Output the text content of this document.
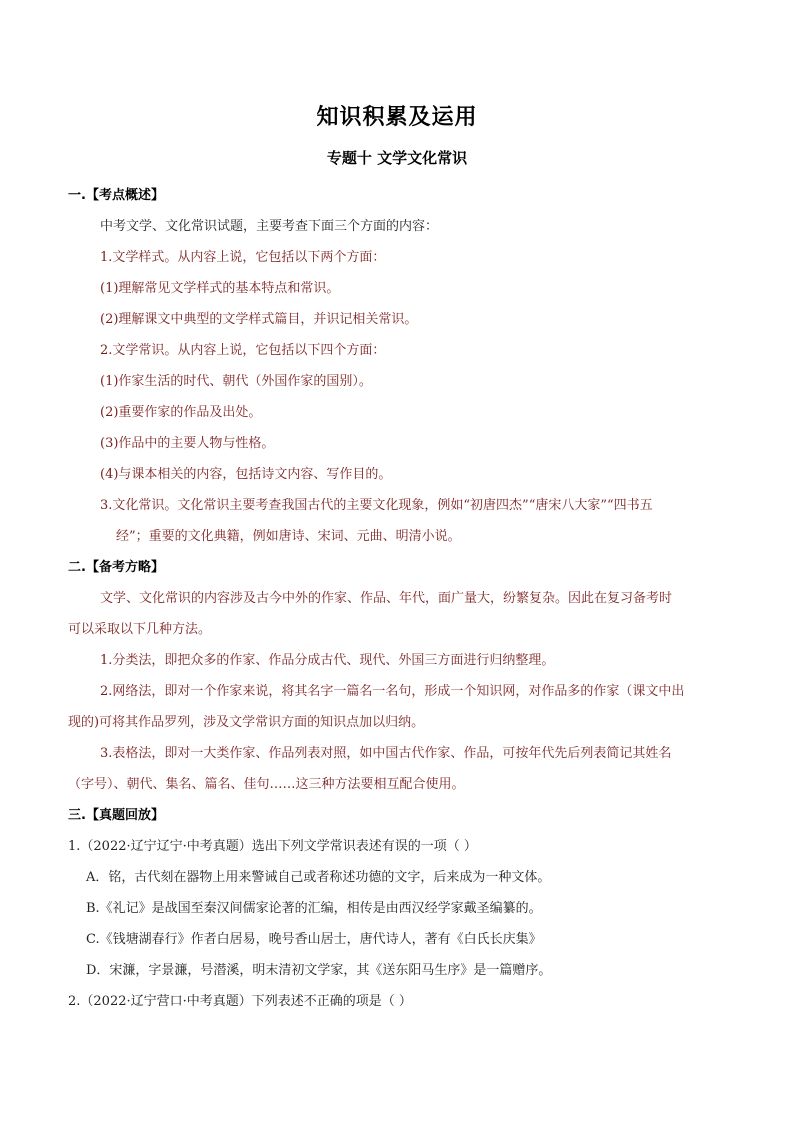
知识积累及运用
专题十 文学文化常识
一.【考点概述】
中考文学、文化常识试题，主要考查下面三个方面的内容：
1.文学样式。从内容上说，它包括以下两个方面：
(1)理解常见文学样式的基本特点和常识。
(2)理解课文中典型的文学样式篇目，并识记相关常识。
2.文学常识。从内容上说，它包括以下四个方面：
(1)作家生活的时代、朝代（外国作家的国别）。
(2)重要作家的作品及出处。
(3)作品中的主要人物与性格。
(4)与课本相关的内容，包括诗文内容、写作目的。
3.文化常识。文化常识主要考查我国古代的主要文化现象，例如“初唐四杰”“唐宋八大家”“四书五
经”；重要的文化典籍，例如唐诗、宋词、元曲、明清小说。
二.【备考方略】
文学、文化常识的内容涉及古今中外的作家、作品、年代，面广量大，纷繁复杂。因此在复习备考时
可以采取以下几种方法。
1.分类法，即把众多的作家、作品分成古代、现代、外国三方面进行归纳整理。
2.网络法，即对一个作家来说，将其名字一篇名一名句，形成一个知识网，对作品多的作家（课文中出
现的)可将其作品罗列，涉及文学常识方面的知识点加以归纳。
3.表格法，即对一大类作家、作品列表对照，如中国古代作家、作品，可按年代先后列表简记其姓名
（字号）、朝代、集名、篇名、佳句……这三种方法要相互配合使用。
三.【真题回放】
1.（2022·辽宁辽宁·中考真题）选出下列文学常识表述有误的一项（ ）
A．铭，古代刻在器物上用来警诫自己或者称述功德的文字，后来成为一种文体。
B.《礼记》是战国至秦汉间儒家论著的汇编，相传是由西汉经学家戴圣编纂的。
C.《钱塘湖春行》作者白居易，晚号香山居士，唐代诗人，著有《白氏长庆集》
D．宋濂，字景濂，号潜溪，明末清初文学家，其《送东阳马生序》是一篇赠序。
2.（2022·辽宁营口·中考真题）下列表述不正确的项是（ ）
